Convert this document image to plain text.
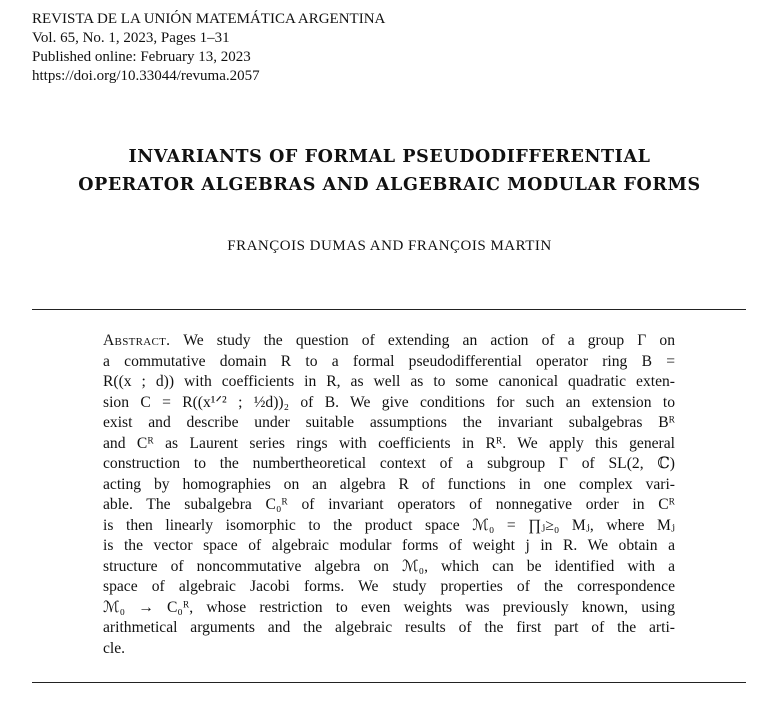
REVISTA DE LA UNIÓN MATEMÁTICA ARGENTINA
Vol. 65, No. 1, 2023, Pages 1–31
Published online: February 13, 2023
https://doi.org/10.33044/revuma.2057
INVARIANTS OF FORMAL PSEUDODIFFERENTIAL
OPERATOR ALGEBRAS AND ALGEBRAIC MODULAR FORMS
FRANÇOIS DUMAS AND FRANÇOIS MARTIN
Abstract. We study the question of extending an action of a group Γ on
a commutative domain R to a formal pseudodifferential operator ring B =
R((x ; d)) with coefficients in R, as well as to some canonical quadratic exten-
sion C = R((x¹ᐟ² ; ½d))₂ of B. We give conditions for such an extension to
exist and describe under suitable assumptions the invariant subalgebras Bᴿ
and Cᴿ as Laurent series rings with coefficients in Rᴿ. We apply this general
construction to the numbertheoretical context of a subgroup Γ of SL(2, ℂ)
acting by homographies on an algebra R of functions in one complex vari-
able. The subalgebra C₀ᴿ of invariant operators of nonnegative order in Cᴿ
is then linearly isomorphic to the product space ℳ₀ = ∏ⱼ≥₀ Mⱼ, where Mⱼ
is the vector space of algebraic modular forms of weight j in R. We obtain a
structure of noncommutative algebra on ℳ₀, which can be identified with a
space of algebraic Jacobi forms. We study properties of the correspondence
ℳ₀ → C₀ᴿ, whose restriction to even weights was previously known, using
arithmetical arguments and the algebraic results of the first part of the arti-
cle.
